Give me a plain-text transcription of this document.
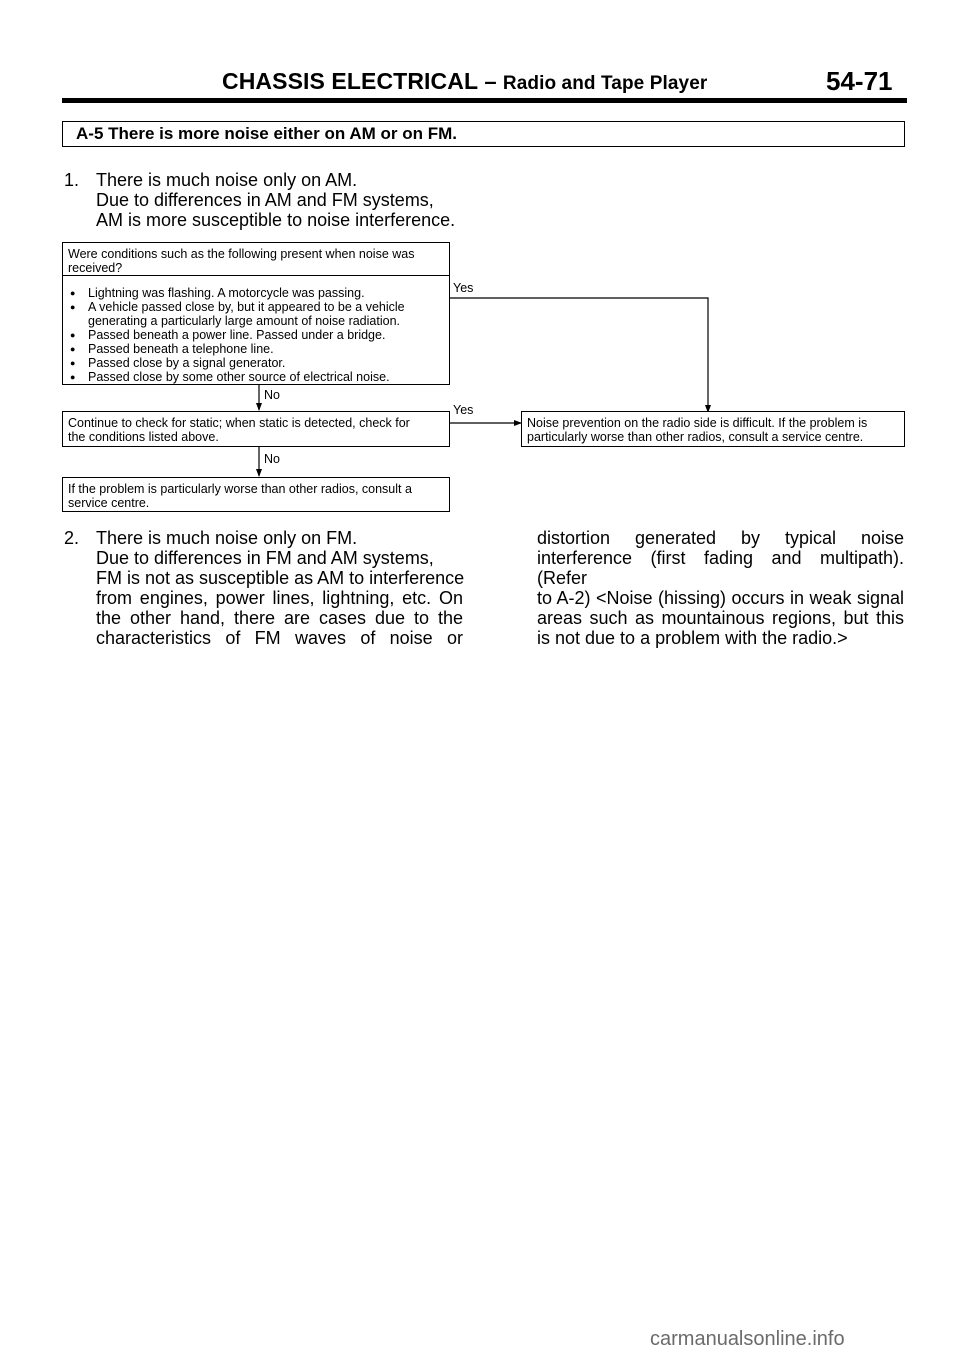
CHASSIS ELECTRICAL – Radio and Tape Player	54-71
A-5 There is more noise either on AM or on FM.
1. There is much noise only on AM.
Due to differences in AM and FM systems,
AM is more susceptible to noise interference.
Were conditions such as the following present when noise was
received?
● Lightning was flashing. A motorcycle was passing.
● A vehicle passed close by, but it appeared to be a vehicle
generating a particularly large amount of noise radiation.
● Passed beneath a power line. Passed under a bridge.
● Passed beneath a telephone line.
● Passed close by a signal generator.
● Passed close by some other source of electrical noise.
Yes
No
Yes
No
Continue to check for static; when static is detected, check for
the conditions listed above.
Noise prevention on the radio side is difficult. If the problem is
particularly worse than other radios, consult a service centre.
If the problem is particularly worse than other radios, consult a
service centre.
2. There is much noise only on FM.
Due to differences in FM and AM systems,
FM is not as susceptible as AM to interference
from engines, power lines, lightning, etc. On
the other hand, there are cases due to the
characteristics of FM waves of noise or
distortion generated by typical noise
interference (first fading and multipath). (Refer
to A-2) <Noise (hissing) occurs in weak signal
areas such as mountainous regions, but this
is not due to a problem with the radio.>
carmanualsonline.info
